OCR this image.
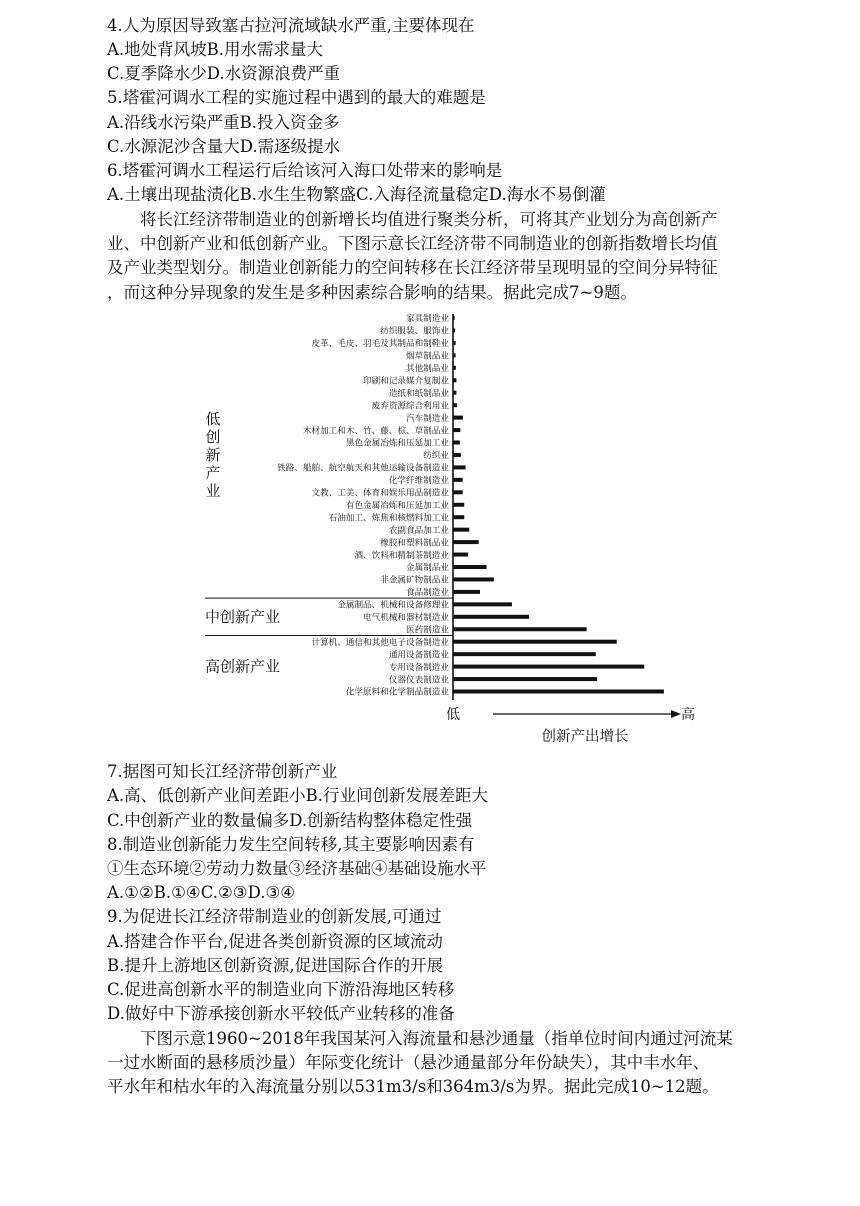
4.人为原因导致塞古拉河流域缺水严重,主要体现在
A.地处背风坡B.用水需求量大
C.夏季降水少D.水资源浪费严重
5.塔霍河调水工程的实施过程中遇到的最大的难题是
A.沿线水污染严重B.投入资金多
C.水源泥沙含量大D.需逐级提水
6.塔霍河调水工程运行后给该河入海口处带来的影响是
A.土壤出现盐渍化B.水生生物繁盛C.入海径流量稳定D.海水不易倒灌
将长江经济带制造业的创新增长均值进行聚类分析，可将其产业划分为高创新产
业、中创新产业和低创新产业。下图示意长江经济带不同制造业的创新指数增长均值
及产业类型划分。制造业创新能力的空间转移在长江经济带呈现明显的空间分异特征
，而这种分异现象的发生是多种因素综合影响的结果。据此完成7~9题。
家具制造业
纺织服装、服饰业
皮革、毛皮、羽毛及其制品和制鞋业
烟草制品业
其他制品业
印刷和记录媒介复制业
造纸和纸制品业
废弃资源综合利用业
汽车制造业
木材加工和木、竹、藤、棕、草制品业
黑色金属冶炼和压延加工业
纺织业
铁路、船舶、航空航天和其他运输设备制造业
化学纤维制造业
文教、工美、体育和娱乐用品制造业
有色金属冶炼和压延加工业
石油加工、炼焦和核燃料加工业
农副食品加工业
橡胶和塑料制品业
酒、饮料和精制茶制造业
金属制品业
非金属矿物制品业
食品制造业
金属制品、机械和设备修理业
电气机械和器材制造业
医药制造业
计算机、通信和其他电子设备制造业
通用设备制造业
专用设备制造业
仪器仪表制造业
化学原料和化学制品制造业
低创新产业
中创新产业
高创新产业
低	高
创新产出增长
7.据图可知长江经济带创新产业
A.高、低创新产业间差距小B.行业间创新发展差距大
C.中创新产业的数量偏多D.创新结构整体稳定性强
8.制造业创新能力发生空间转移,其主要影响因素有
①生态环境②劳动力数量③经济基础④基础设施水平
A.①②B.①④C.②③D.③④
9.为促进长江经济带制造业的创新发展,可通过
A.搭建合作平台,促进各类创新资源的区域流动
B.提升上游地区创新资源,促进国际合作的开展
C.促进高创新水平的制造业向下游沿海地区转移
D.做好中下游承接创新水平较低产业转移的准备
下图示意1960~2018年我国某河入海流量和悬沙通量（指单位时间内通过河流某
一过水断面的悬移质沙量）年际变化统计（悬沙通量部分年份缺失），其中丰水年、
平水年和枯水年的入海流量分别以531m3/s和364m3/s为界。据此完成10~12题。
